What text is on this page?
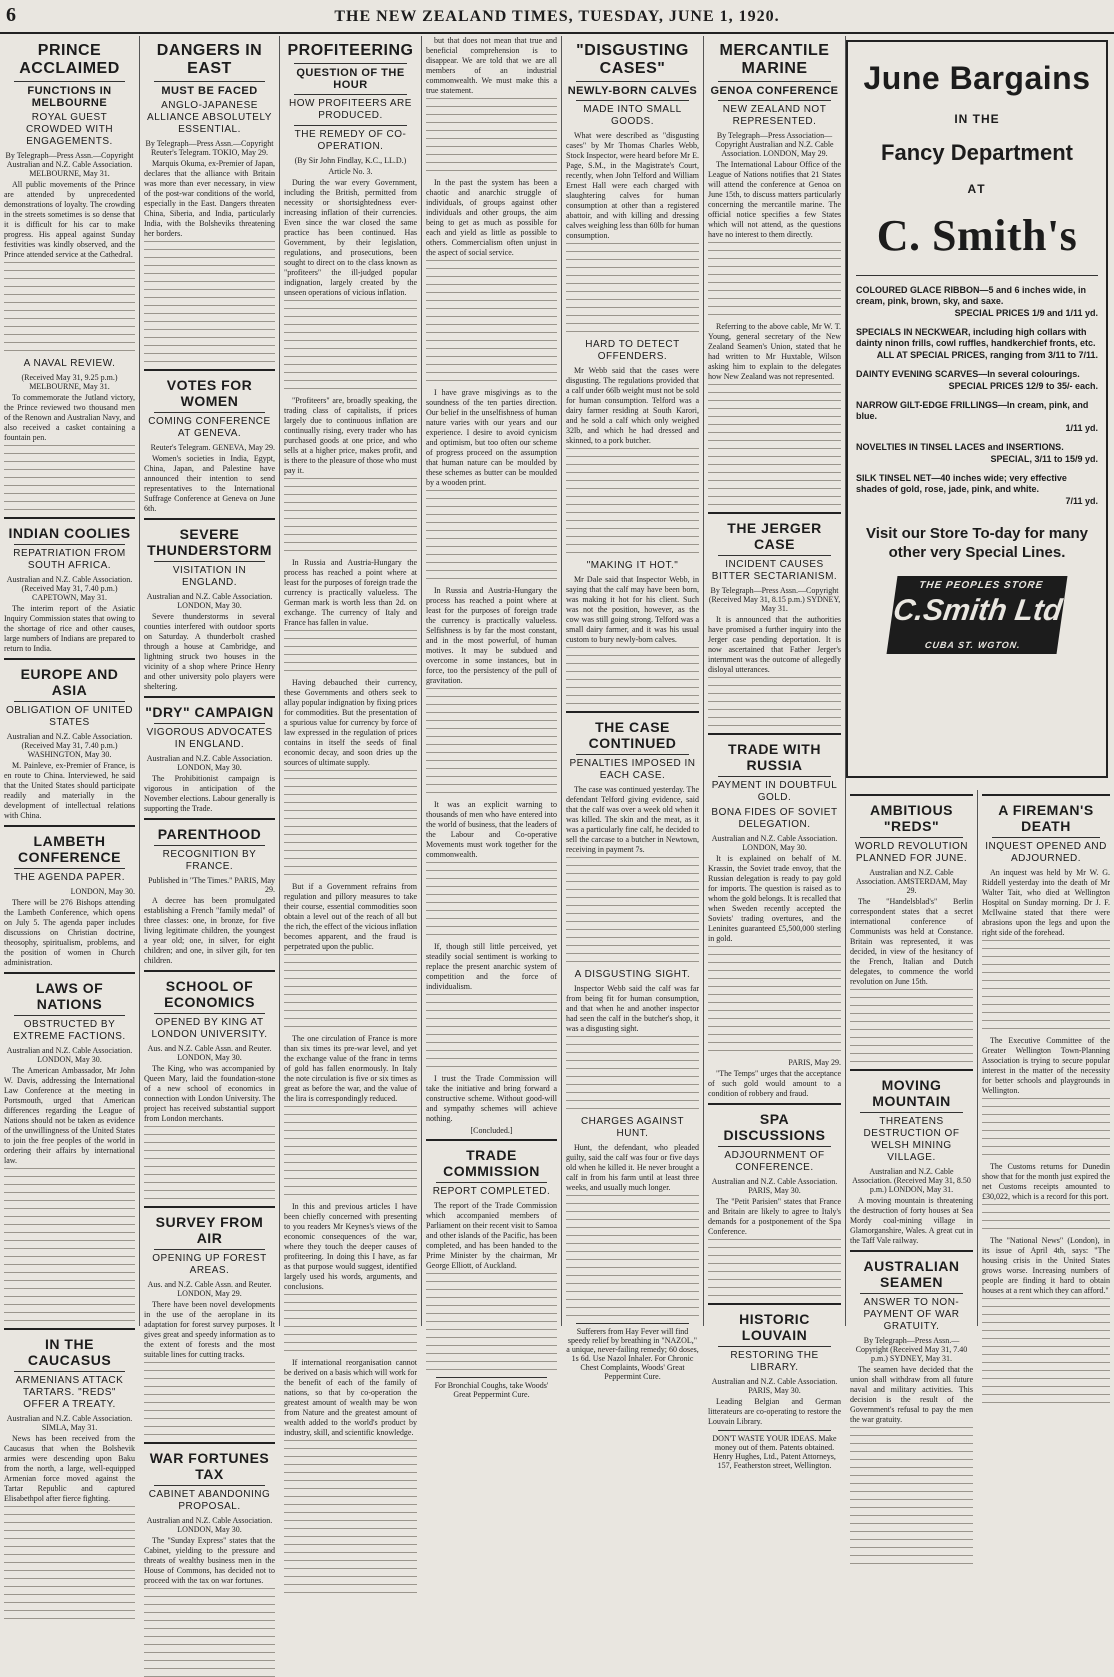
6	THE NEW ZEALAND TIMES, TUESDAY, JUNE 1, 1920.
PRINCE ACCLAIMED
FUNCTIONS IN MELBOURNE
ROYAL GUEST CROWDED WITH ENGAGEMENTS.
By Telegraph—Press Assn.—Copyright Australian and N.Z. Cable Association. MELBOURNE, May 31.

All public movements of the Prince are attended by unprecedented demonstrations of loyalty. The crowding in the streets sometimes is so dense that it is difficult for his car to make progress. His appeal against Sunday festivities was kindly observed, and the Prince attended service at the Cathedral.

A NAVAL REVIEW.
(Received May 31, 9.25 p.m.) MELBOURNE, May 31.

To commemorate the Jutland victory, the Prince reviewed two thousand men of the Renown and Australian Navy, and also received a casket containing a fountain pen.

INDIAN COOLIES
REPATRIATION FROM SOUTH AFRICA.
Australian and N.Z. Cable Association. (Received May 31, 7.40 p.m.) CAPETOWN, May 31.

The interim report of the Asiatic Inquiry Commission states that owing to the shortage of rice and other causes, large numbers of Indians are prepared to return to India.

EUROPE AND ASIA
OBLIGATION OF UNITED STATES
Australian and N.Z. Cable Association. (Received May 31, 7.40 p.m.) WASHINGTON, May 30.

M. Painleve, ex-Premier of France, is en route to China. Interviewed, he said that the United States should participate readily and materially in the development of intellectual relations with China.

LAMBETH CONFERENCE
THE AGENDA PAPER.
LONDON, May 30.

There will be 276 Bishops attending the Lambeth Conference, which opens on July 5. The agenda paper includes discussions on Christian doctrine, theosophy, spiritualism, problems, and the position of women in Church administration.

LAWS OF NATIONS
OBSTRUCTED BY EXTREME FACTIONS.
Australian and N.Z. Cable Association. LONDON, May 30.

The American Ambassador, Mr John W. Davis, addressing the International Law Conference at the meeting in Portsmouth, urged that American differences regarding the League of Nations should not be taken as evidence of the unwillingness of the United States to join the free peoples of the world in ordering their affairs by international law.

IN THE CAUCASUS
ARMENIANS ATTACK TARTARS. "REDS" OFFER A TREATY.
Australian and N.Z. Cable Association. SIMLA, May 31.

News has been received from the Caucasus that when the Bolshevik armies were descending upon Baku from the north, a large, well-equipped Armenian force moved against the Tartar Republic and captured Elisabethpol after fierce fighting.

DANGERS IN EAST
MUST BE FACED
ANGLO-JAPANESE ALLIANCE ABSOLUTELY ESSENTIAL.
By Telegraph—Press Assn.—Copyright Reuter's Telegram. TOKIO, May 29.

Marquis Okuma, ex-Premier of Japan, declares that the alliance with Britain was more than ever necessary, in view of the post-war conditions of the world, especially in the East. Dangers threaten China, Siberia, and India, particularly India, with the Bolsheviks threatening her borders.

VOTES FOR WOMEN
COMING CONFERENCE AT GENEVA.
Reuter's Telegram. GENEVA, May 29.

Women's societies in India, Egypt, China, Japan, and Palestine have announced their intention to send representatives to the International Suffrage Conference at Geneva on June 6th.

SEVERE THUNDERSTORM
VISITATION IN ENGLAND.
Australian and N.Z. Cable Association. LONDON, May 30.

Severe thunderstorms in several counties interfered with outdoor sports on Saturday. A thunderbolt crashed through a house at Cambridge, and lightning struck two houses in the vicinity of a shop where Prince Henry and other university polo players were sheltering.

"DRY" CAMPAIGN
VIGOROUS ADVOCATES IN ENGLAND.
Australian and N.Z. Cable Association. LONDON, May 30.

The Prohibitionist campaign is vigorous in anticipation of the November elections. Labour generally is supporting the Trade.

PARENTHOOD
RECOGNITION BY FRANCE.
Published in "The Times." PARIS, May 29.

A decree has been promulgated establishing a French "family medal" of three classes: one, in bronze, for five living legitimate children, the youngest a year old; one, in silver, for eight children; and one, in silver gilt, for ten children.

SCHOOL OF ECONOMICS
OPENED BY KING AT LONDON UNIVERSITY.
Aus. and N.Z. Cable Assn. and Reuter. LONDON, May 30.

The King, who was accompanied by Queen Mary, laid the foundation-stone of a new school of economics in connection with London University. The project has received substantial support from London merchants.

SURVEY FROM AIR
OPENING UP FOREST AREAS.
Aus. and N.Z. Cable Assn. and Reuter. LONDON, May 29.

There have been novel developments in the use of the aeroplane in its adaptation for forest survey purposes. It gives great and speedy information as to the extent of forests and the most suitable lines for cutting tracks.

WAR FORTUNES TAX
CABINET ABANDONING PROPOSAL.
Australian and N.Z. Cable Association. LONDON, May 30.

The "Sunday Express" states that the Cabinet, yielding to the pressure and threats of wealthy business men in the House of Commons, has decided not to proceed with the tax on war fortunes.

PROFITEERING
QUESTION OF THE HOUR
HOW PROFITEERS ARE PRODUCED.
THE REMEDY OF CO-OPERATION.
(By Sir John Findlay, K.C., LL.D.)
Article No. 3.

During the war every Government, including the British, permitted from necessity or shortsightedness ever-increasing inflation of their currencies. Even since the war closed the same practice has been continued. Has Government, by their legislation, regulations, and prosecutions, been sought to direct on to the class known as "profiteers" the ill-judged popular indignation, largely created by the unseen operations of vicious inflation.

"Profiteers" are, broadly speaking, the trading class of capitalists, if prices largely due to continuous inflation are continually rising, every trader who has purchased goods at one price, and who sells at a higher price, makes profit, and is there to the pleasure of those who must pay it.

In Russia and Austria-Hungary the process has reached a point where at least for the purposes of foreign trade the currency is practically valueless. The German mark is worth less than 2d. on exchange. The currency of Italy and France has fallen in value.

Having debauched their currency, these Governments and others seek to allay popular indignation by fixing prices for commodities. But the presentation of a spurious value for currency by force of law expressed in the regulation of prices contains in itself the seeds of final economic decay, and soon dries up the sources of ultimate supply.

But if a Government refrains from regulation and pillory measures to take their course, essential commodities soon obtain a level out of the reach of all but the rich, the effect of the vicious inflation becomes apparent, and the fraud is perpetrated upon the public.

The one circulation of France is more than six times its pre-war level, and yet the exchange value of the franc in terms of gold has fallen enormously. In Italy the note circulation is five or six times as great as before the war, and the value of the lira is correspondingly reduced.

In this and previous articles I have been chiefly concerned with presenting to you readers Mr Keynes's views of the economic consequences of the war, where they touch the deeper causes of profiteering. In doing this I have, as far as that purpose would suggest, identified largely used his words, arguments, and conclusions.

If international reorganisation cannot be derived on a basis which will work for the benefit of each of the family of nations, so that by co-operation the greatest amount of wealth may be won from Nature and the greatest amount of wealth added to the world's product by industry, skill, and scientific knowledge.

but that does not mean that true and beneficial comprehension is to disappear. We are told that we are all members of an industrial commonwealth. We must make this a true statement.

In the past the system has been a chaotic and anarchic struggle of individuals, of groups against other individuals and other groups, the aim being to get as much as possible for each and yield as little as possible to others. Commercialism often unjust in the aspect of social service.

I have grave misgivings as to the soundness of the ten parties direction. Our belief in the unselfishness of human nature varies with our years and our experience. I desire to avoid cynicism and optimism, but too often our scheme of progress proceed on the assumption that human nature can be moulded by these schemes as butter can be moulded by a wooden print.

In Russia and Austria-Hungary the process has reached a point where at least for the purposes of foreign trade the currency is practically valueless. Selfishness is by far the most constant, and in the most powerful, of human motives. It may be subdued and overcome in some instances, but in force, too the persistency of the pull of gravitation.

It was an explicit warning to thousands of men who have entered into the world of business, that the leaders of the Labour and Co-operative Movements must work together for the commonwealth.

If, though still little perceived, yet steadily social sentiment is working to replace the present anarchic system of competition and the force of individualism.

I trust the Trade Commission will take the initiative and bring forward a constructive scheme. Without good-will and sympathy schemes will achieve nothing.

[Concluded.]
TRADE COMMISSION
REPORT COMPLETED.

The report of the Trade Commission which accompanied members of Parliament on their recent visit to Samoa and other islands of the Pacific, has been completed, and has been handed to the Prime Minister by the chairman, Mr George Elliott, of Auckland.

For Bronchial Coughs, take Woods' Great Peppermint Cure.
"DISGUSTING CASES"
NEWLY-BORN CALVES
MADE INTO SMALL GOODS.

What were described as "disgusting cases" by Mr Thomas Charles Webb, Stock Inspector, were heard before Mr E. Page, S.M., in the Magistrate's Court, recently, when John Telford and William Ernest Hall were each charged with slaughtering calves for human consumption at other than a registered abattoir, and with killing and dressing calves weighing less than 60lb for human consumption.

HARD TO DETECT OFFENDERS.

Mr Webb said that the cases were disgusting. The regulations provided that a calf under 66lb weight must not be sold for human consumption. Telford was a dairy farmer residing at South Karori, and he sold a calf which only weighed 32lb, and which he had dressed and skinned, to a pork butcher.

"MAKING IT HOT."

Mr Dale said that Inspector Webb, in saying that the calf may have been born, was making it hot for his client. Such was not the position, however, as the cow was still going strong. Telford was a small dairy farmer, and it was his usual custom to bury newly-born calves.

THE CASE CONTINUED
PENALTIES IMPOSED IN EACH CASE.

The case was continued yesterday. The defendant Telford giving evidence, said that the calf was over a week old when it was killed. The skin and the meat, as it was a particularly fine calf, he decided to sell the carcase to a butcher in Newtown, receiving in payment 7s.

A DISGUSTING SIGHT.

Inspector Webb said the calf was far from being fit for human consumption, and that when he and another inspector had seen the calf in the butcher's shop, it was a disgusting sight.

CHARGES AGAINST HUNT.

Hunt, the defendant, who pleaded guilty, said the calf was four or five days old when he killed it. He never brought a calf in from his farm until at least three weeks, and usually much longer.

Sufferers from Hay Fever will find speedy relief by breathing in "NAZOL," a unique, never-failing remedy; 60 doses, 1s 6d. Use Nazol Inhaler. For Chronic Chest Complaints, Woods' Great Peppermint Cure.
MERCANTILE MARINE
GENOA CONFERENCE
NEW ZEALAND NOT REPRESENTED.
By Telegraph—Press Association—Copyright Australian and N.Z. Cable Association. LONDON, May 29.

The International Labour Office of the League of Nations notifies that 21 States will attend the conference at Genoa on June 15th, to discuss matters particularly concerning the mercantile marine. The official notice specifies a few States which will not attend, as the questions have no interest to them directly.

Referring to the above cable, Mr W. T. Young, general secretary of the New Zealand Seamen's Union, stated that he had written to Mr Huxtable, Wilson asking him to explain to the delegates how New Zealand was not represented.

THE JERGER CASE
INCIDENT CAUSES BITTER SECTARIANISM.
By Telegraph—Press Assn.—Copyright (Received May 31, 8.15 p.m.) SYDNEY, May 31.

It is announced that the authorities have promised a further inquiry into the Jerger case pending deportation. It is now ascertained that Father Jerger's internment was the outcome of allegedly disloyal utterances.

TRADE WITH RUSSIA
PAYMENT IN DOUBTFUL GOLD.
BONA FIDES OF SOVIET DELEGATION.
Australian and N.Z. Cable Association. LONDON, May 30.

It is explained on behalf of M. Krassin, the Soviet trade envoy, that the Russian delegation is ready to pay gold for imports. The question is raised as to whom the gold belongs. It is recalled that when Sweden recently accepted the Soviets' trading overtures, and the Leninites guaranteed £5,500,000 sterling in gold.

PARIS, May 29.

"The Temps" urges that the acceptance of such gold would amount to a condition of robbery and fraud.

SPA DISCUSSIONS
ADJOURNMENT OF CONFERENCE.
Australian and N.Z. Cable Association. PARIS, May 30.

The "Petit Parisien" states that France and Britain are likely to agree to Italy's demands for a postponement of the Spa Conference.

HISTORIC LOUVAIN
RESTORING THE LIBRARY.
Australian and N.Z. Cable Association. PARIS, May 30.

Leading Belgian and German litterateurs are co-operating to restore the Louvain Library.

DON'T WASTE YOUR IDEAS. Make money out of them. Patents obtained. Henry Hughes, Ltd., Patent Attorneys, 157, Featherston street, Wellington.
June Bargains
IN THE
Fancy Department
AT
C. Smith's
COLOURED GLACE RIBBON—5 and 6 inches wide, in cream, pink, brown, sky, and saxe.
SPECIAL PRICES 1/9 and 1/11 yd.
SPECIALS IN NECKWEAR, including high collars with dainty ninon frills, cowl ruffles, handkerchief fronts, etc.
ALL AT SPECIAL PRICES, ranging from 3/11 to 7/11.
DAINTY EVENING SCARVES—In several colourings.
SPECIAL PRICES 12/9 to 35/- each.
NARROW GILT-EDGE FRILLINGS—In cream, pink, and blue.
1/11 yd.
NOVELTIES IN TINSEL LACES and INSERTIONS.
SPECIAL, 3/11 to 15/9 yd.
SILK TINSEL NET—40 inches wide; very effective shades of gold, rose, jade, pink, and white.
7/11 yd.
Visit our Store To-day for many other very Special Lines.
THE PEOPLES STORE
C.Smith Ltd
CUBA ST. WGTON.
AMBITIOUS "REDS"
WORLD REVOLUTION PLANNED FOR JUNE.
Australian and N.Z. Cable Association. AMSTERDAM, May 29.

The "Handelsblad's" Berlin correspondent states that a secret international conference of Communists was held at Constance. Britain was represented, it was decided, in view of the hesitancy of the French, Italian and Dutch delegates, to commence the world revolution on June 15th.

MOVING MOUNTAIN
THREATENS DESTRUCTION OF WELSH MINING VILLAGE.
Australian and N.Z. Cable Association. (Received May 31, 8.50 p.m.) LONDON, May 31.

A moving mountain is threatening the destruction of forty houses at Sea Mordy coal-mining village in Glamorganshire, Wales. A great cut in the Taff Vale railway.

AUSTRALIAN SEAMEN
ANSWER TO NON-PAYMENT OF WAR GRATUITY.
By Telegraph—Press Assn.—Copyright (Received May 31, 7.40 p.m.) SYDNEY, May 31.

The seamen have decided that the union shall withdraw from all future naval and military activities. This decision is the result of the Government's refusal to pay the men the war gratuity.

A FIREMAN'S DEATH
INQUEST OPENED AND ADJOURNED.

An inquest was held by Mr W. G. Riddell yesterday into the death of Mr Walter Tait, who died at Wellington Hospital on Sunday morning. Dr J. F. McIlwaine stated that there were abrasions upon the legs and upon the right side of the forehead.

The Executive Committee of the Greater Wellington Town-Planning Association is trying to secure popular interest in the matter of the necessity for better schools and playgrounds in Wellington.

The Customs returns for Dunedin show that for the month just expired the net Customs receipts amounted to £30,022, which is a record for this port.

The "National News" (London), in its issue of April 4th, says: "The housing crisis in the United States grows worse. Increasing numbers of people are finding it hard to obtain houses at a rent which they can afford."
